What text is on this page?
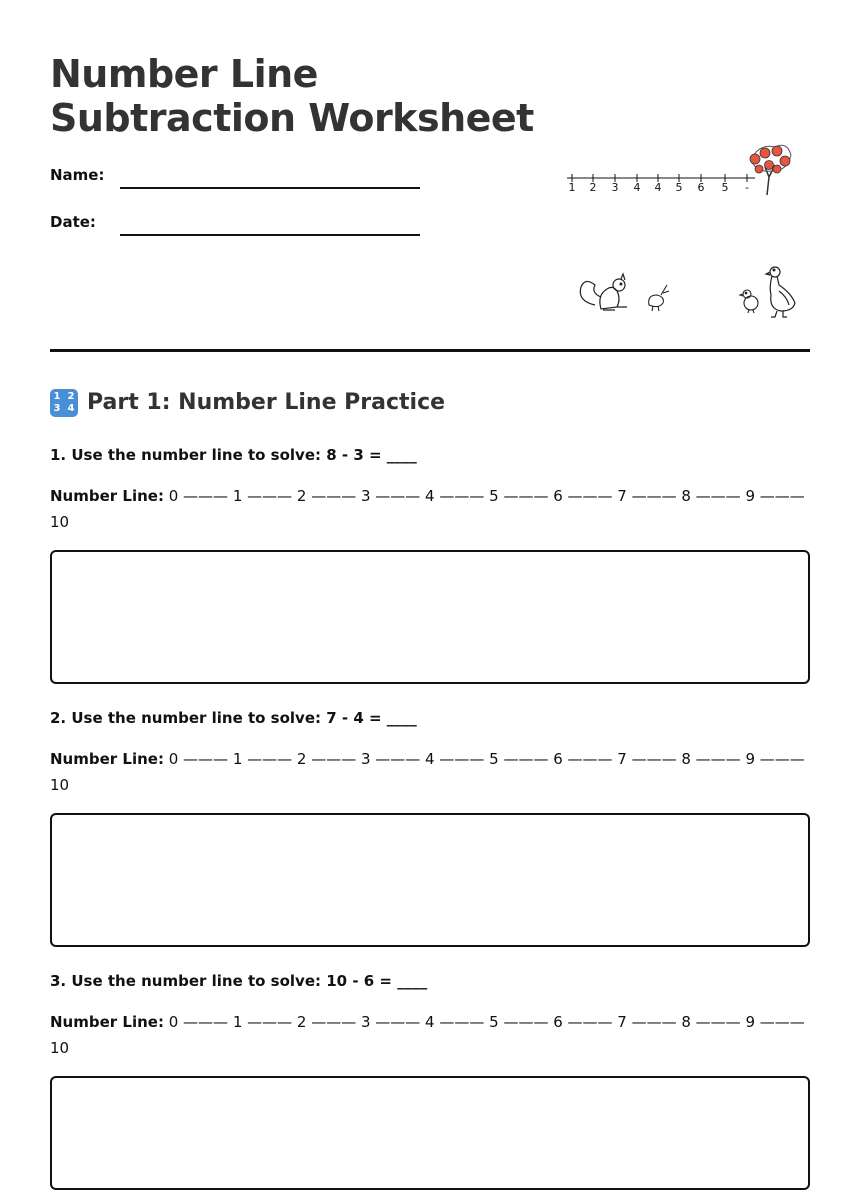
Number Line
Subtraction Worksheet
Name:
Date:
1 2 3 4 4 5 6 5 -
1 2
3 4 Part 1: Number Line Practice
1. Use the number line to solve: 8 - 3 = ____
Number Line: 0 ——— 1 ——— 2 ——— 3 ——— 4 ——— 5 ——— 6 ——— 7 ——— 8 ——— 9 ——— 10
2. Use the number line to solve: 7 - 4 = ____
Number Line: 0 ——— 1 ——— 2 ——— 3 ——— 4 ——— 5 ——— 6 ——— 7 ——— 8 ——— 9 ——— 10
3. Use the number line to solve: 10 - 6 = ____
Number Line: 0 ——— 1 ——— 2 ——— 3 ——— 4 ——— 5 ——— 6 ——— 7 ——— 8 ——— 9 ——— 10
